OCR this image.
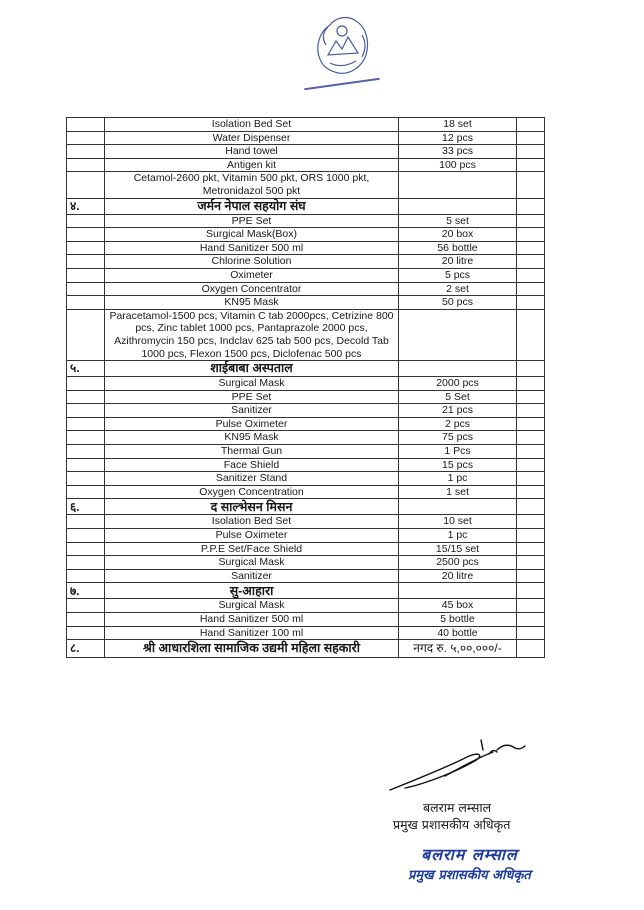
	Isolation Bed Set	18 set	
	Water Dispenser	12 pcs	
	Hand towel	33 pcs	
	Antigen kit	100 pcs	
	Cetamol-2600 pkt, Vitamin 500 pkt, ORS 1000 pkt, Metronidazol 500 pkt		
४.	जर्मन नेपाल सहयोग संघ		
	PPE Set	5 set	
	Surgical Mask(Box)	20 box	
	Hand Sanitizer 500 ml	56 bottle	
	Chlorine Solution	20 litre	
	Oximeter	5 pcs	
	Oxygen Concentrator	2 set	
	KN95 Mask	50 pcs	
	Paracetamol-1500 pcs, Vitamin C tab 2000pcs, Cetrizine 800 pcs, Zinc tablet 1000 pcs, Pantaprazole 2000 pcs, Azithromycin 150 pcs, Indclav 625 tab 500 pcs, Decold Tab 1000 pcs, Flexon 1500 pcs, Diclofenac 500 pcs		
५.	शाईबाबा अस्पताल		
	Surgical Mask	2000 pcs	
	PPE Set	5 Set	
	Sanitizer	21 pcs	
	Pulse Oximeter	2 pcs	
	KN95 Mask	75 pcs	
	Thermal Gun	1 Pcs	
	Face Shield	15 pcs	
	Sanitizer Stand	1 pc	
	Oxygen Concentration	1 set	
६.	द साल्भेसन मिसन		
	Isolation Bed Set	10 set	
	Pulse Oximeter	1 pc	
	P.P.E Set/Face Shield	15/15 set	
	Surgical Mask	2500 pcs	
	Sanitizer	20 litre	
७.	सु-आहारा		
	Surgical Mask	45 box	
	Hand Sanitizer 500 ml	5 bottle	
	Hand Sanitizer 100 ml	40 bottle	
८.	श्री आधारशिला सामाजिक उद्यमी महिला सहकारी	नगद रु. ५,००,०००/-	
बलराम लम्साल
प्रमुख प्रशासकीय अधिकृत
बलराम लम्साल
प्रमुख प्रशासकीय अधिकृत
